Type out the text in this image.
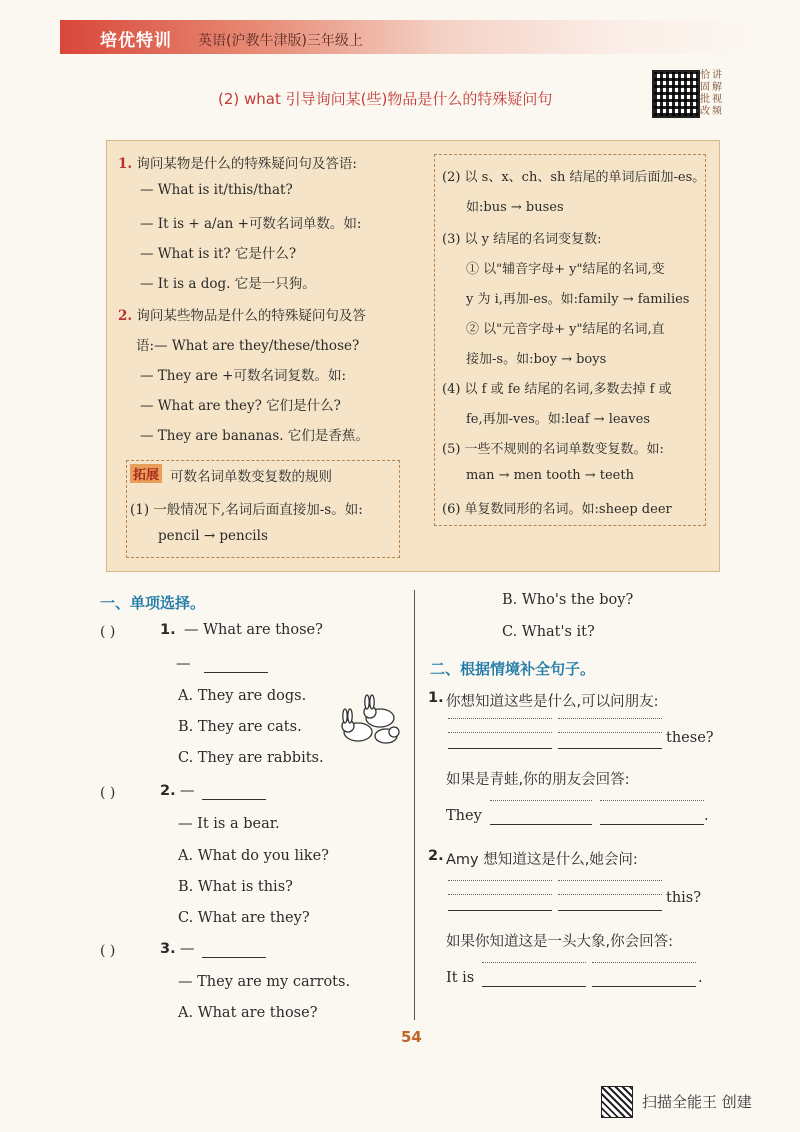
培优特训 英语(沪教牛津版)三年级上
(2) what 引导询问某(些)物品是什么的特殊疑问句
恰
固
批
改
讲
解
视
频
1. 询问某物是什么的特殊疑问句及答语:
— What is it/this/that?
— It is + a/an +可数名词单数。如:
— What is it? 它是什么?
— It is a dog. 它是一只狗。
2. 询问某些物品是什么的特殊疑问句及答
语:— What are they/these/those?
— They are +可数名词复数。如:
— What are they? 它们是什么?
— They are bananas. 它们是香蕉。
拓展 可数名词单数变复数的规则
(1) 一般情况下,名词后面直接加-s。如:
pencil → pencils
(2) 以 s、x、ch、sh 结尾的单词后面加-es。
如:bus → buses
(3) 以 y 结尾的名词变复数:
① 以"辅音字母+ y"结尾的名词,变
y 为 i,再加-es。如:family → families
② 以"元音字母+ y"结尾的名词,直
接加-s。如:boy → boys
(4) 以 f 或 fe 结尾的名词,多数去掉 f 或
fe,再加-ves。如:leaf → leaves
(5) 一些不规则的名词单数变复数。如:
man → men tooth → teeth
(6) 单复数同形的名词。如:sheep deer
一、单项选择。
( )	1. — What are those?
—
A. They are dogs.
B. They are cats.
C. They are rabbits.
( )	2. —
— It is a bear.
A. What do you like?
B. What is this?
C. What are they?
( )	3. —
— They are my carrots.
A. What are those?
B. Who's the boy?
C. What's it?
二、根据情境补全句子。
1. 你想知道这些是什么,可以问朋友:
these?
如果是青蛙,你的朋友会回答:
They	.
2. Amy 想知道这是什么,她会问:
this?
如果你知道这是一头大象,你会回答:
It is	.
54
扫描全能王 创建
